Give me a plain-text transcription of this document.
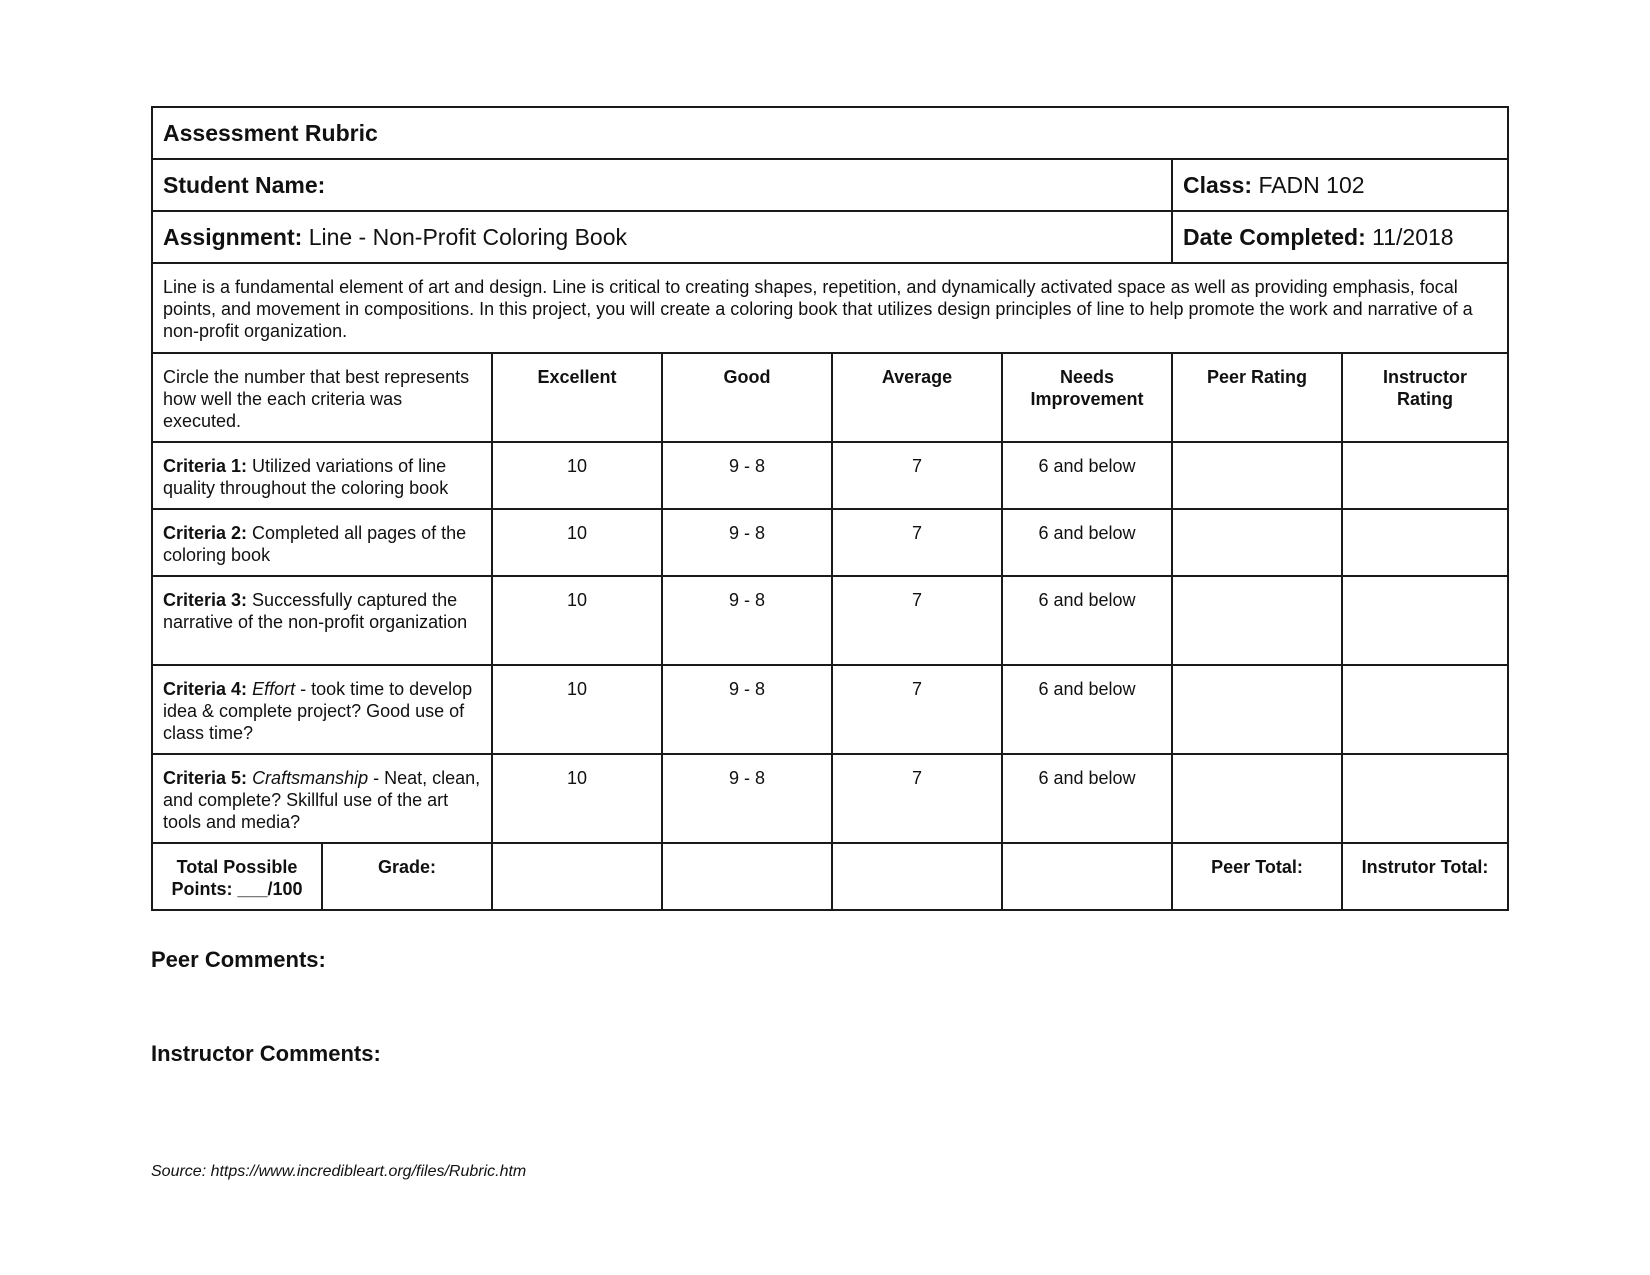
Assessment Rubric							
Student Name:						Class: FADN 102	
Assignment: Line - Non-Profit Coloring Book						Date Completed: 11/2018	
Line is a fundamental element of art and design. Line is critical to creating shapes, repetition, and dynamically activated space as well as providing emphasis, focal points, and movement in compositions. In this project, you will create a coloring book that utilizes design principles of line to help promote the work and narrative of a non-profit organization.							
Circle the number that best represents how well the each criteria was executed.		Excellent	Good	Average	Needs Improvement	Peer Rating	Instructor Rating
Criteria 1: Utilized variations of line quality throughout the coloring book		10	9 - 8	7	6 and below		
Criteria 2: Completed all pages of the coloring book		10	9 - 8	7	6 and below		
Criteria 3: Successfully captured the narrative of the non-profit organization		10	9 - 8	7	6 and below		
Criteria 4: Effort - took time to develop idea & complete project? Good use of class time?		10	9 - 8	7	6 and below		
Criteria 5: Craftsmanship - Neat, clean, and complete? Skillful use of the art tools and media?		10	9 - 8	7	6 and below		
Total Possible Points: ___/100	Grade:					Peer Total:	Instrutor Total:
Peer Comments:
Instructor Comments:
Source: https://www.incredibleart.org/files/Rubric.htm
